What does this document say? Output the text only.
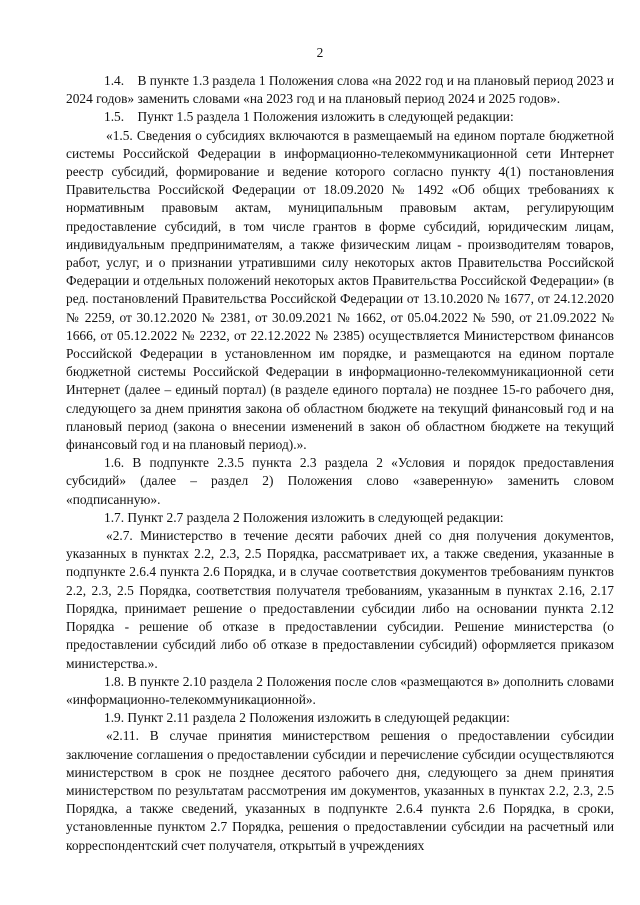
2

1.4. В пункте 1.3 раздела 1 Положения слова «на 2022 год и на плановый период 2023 и 2024 годов» заменить словами «на 2023 год и на плановый период 2024 и 2025 годов».

1.5. Пункт 1.5 раздела 1 Положения изложить в следующей редакции:

«1.5. Сведения о субсидиях включаются в размещаемый на едином портале бюджетной системы Российской Федерации в информационно-телекоммуникационной сети Интернет реестр субсидий, формирование и ведение которого согласно пункту 4(1) постановления Правительства Российской Федерации от 18.09.2020 № 1492 «Об общих требованиях к нормативным правовым актам, муниципальным правовым актам, регулирующим предоставление субсидий, в том числе грантов в форме субсидий, юридическим лицам, индивидуальным предпринимателям, а также физическим лицам - производителям товаров, работ, услуг, и о признании утратившими силу некоторых актов Правительства Российской Федерации и отдельных положений некоторых актов Правительства Российской Федерации» (в ред. постановлений Правительства Российской Федерации от 13.10.2020 № 1677, от 24.12.2020 № 2259, от 30.12.2020 № 2381, от 30.09.2021 № 1662, от 05.04.2022 № 590, от 21.09.2022 № 1666, от 05.12.2022 № 2232, от 22.12.2022 № 2385) осуществляется Министерством финансов Российской Федерации в установленном им порядке, и размещаются на едином портале бюджетной системы Российской Федерации в информационно-телекоммуникационной сети Интернет (далее – единый портал) (в разделе единого портала) не позднее 15-го рабочего дня, следующего за днем принятия закона об областном бюджете на текущий финансовый год и на плановый период (закона о внесении изменений в закон об областном бюджете на текущий финансовый год и на плановый период).».

1.6. В подпункте 2.3.5 пункта 2.3 раздела 2 «Условия и порядок предоставления субсидий» (далее – раздел 2) Положения слово «заверенную» заменить словом «подписанную».

1.7. Пункт 2.7 раздела 2 Положения изложить в следующей редакции:

«2.7. Министерство в течение десяти рабочих дней со дня получения документов, указанных в пунктах 2.2, 2.3, 2.5 Порядка, рассматривает их, а также сведения, указанные в подпункте 2.6.4 пункта 2.6 Порядка, и в случае соответствия документов требованиям пунктов 2.2, 2.3, 2.5 Порядка, соответствия получателя требованиям, указанным в пунктах 2.16, 2.17 Порядка, принимает решение о предоставлении субсидии либо на основании пункта 2.12 Порядка - решение об отказе в предоставлении субсидии. Решение министерства (о предоставлении субсидий либо об отказе в предоставлении субсидий) оформляется приказом министерства.».

1.8. В пункте 2.10 раздела 2 Положения после слов «размещаются в» дополнить словами «информационно-телекоммуникационной».

1.9. Пункт 2.11 раздела 2 Положения изложить в следующей редакции:

«2.11. В случае принятия министерством решения о предоставлении субсидии заключение соглашения о предоставлении субсидии и перечисление субсидии осуществляются министерством в срок не позднее десятого рабочего дня, следующего за днем принятия министерством по результатам рассмотрения им документов, указанных в пунктах 2.2, 2.3, 2.5 Порядка, а также сведений, указанных в подпункте 2.6.4 пункта 2.6 Порядка, в сроки, установленные пунктом 2.7 Порядка, решения о предоставлении субсидии на расчетный или корреспондентский счет получателя, открытый в учреждениях
